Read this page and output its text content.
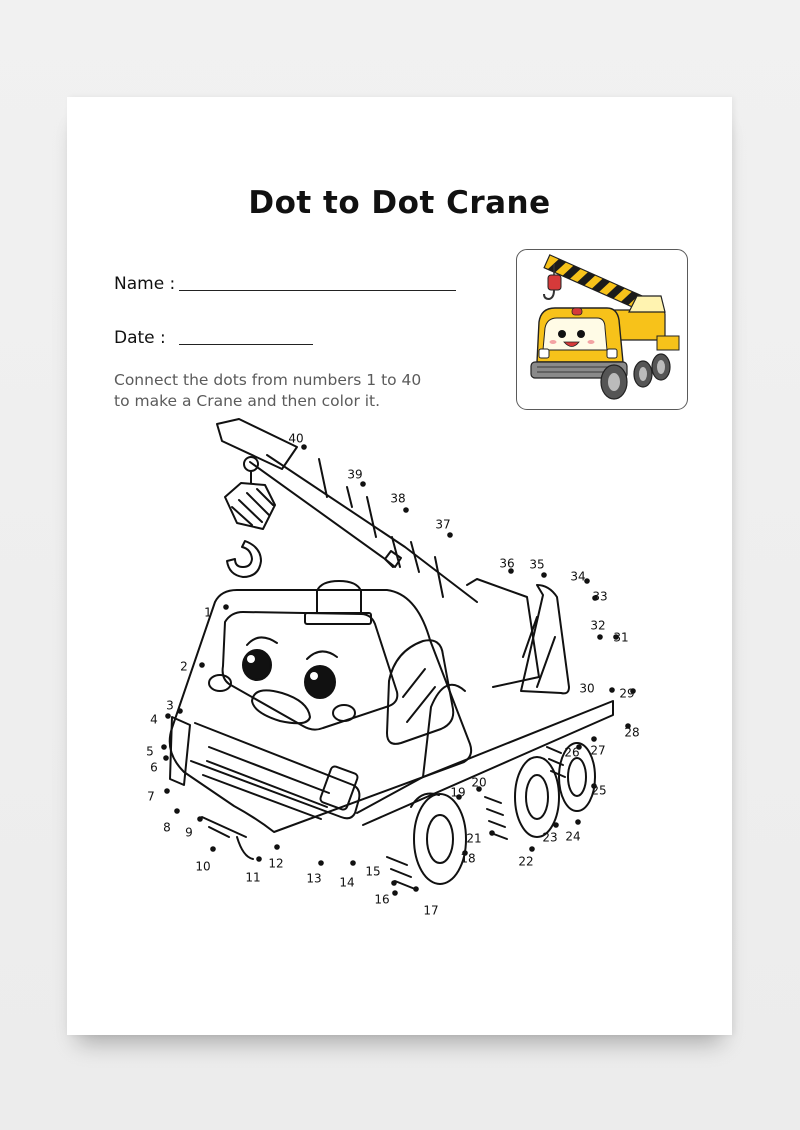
Dot to Dot Crane
Name :
Date :
Connect the dots from numbers 1 to 40
to make a Crane and then color it.
1
2
3
4
5
6
7
8 9
10
11
12
13 14
15
16
17
18
19
20
21
22
23 24
25
26 27
28
29
30
31
32
33
34
35
36
37
38
39
40
